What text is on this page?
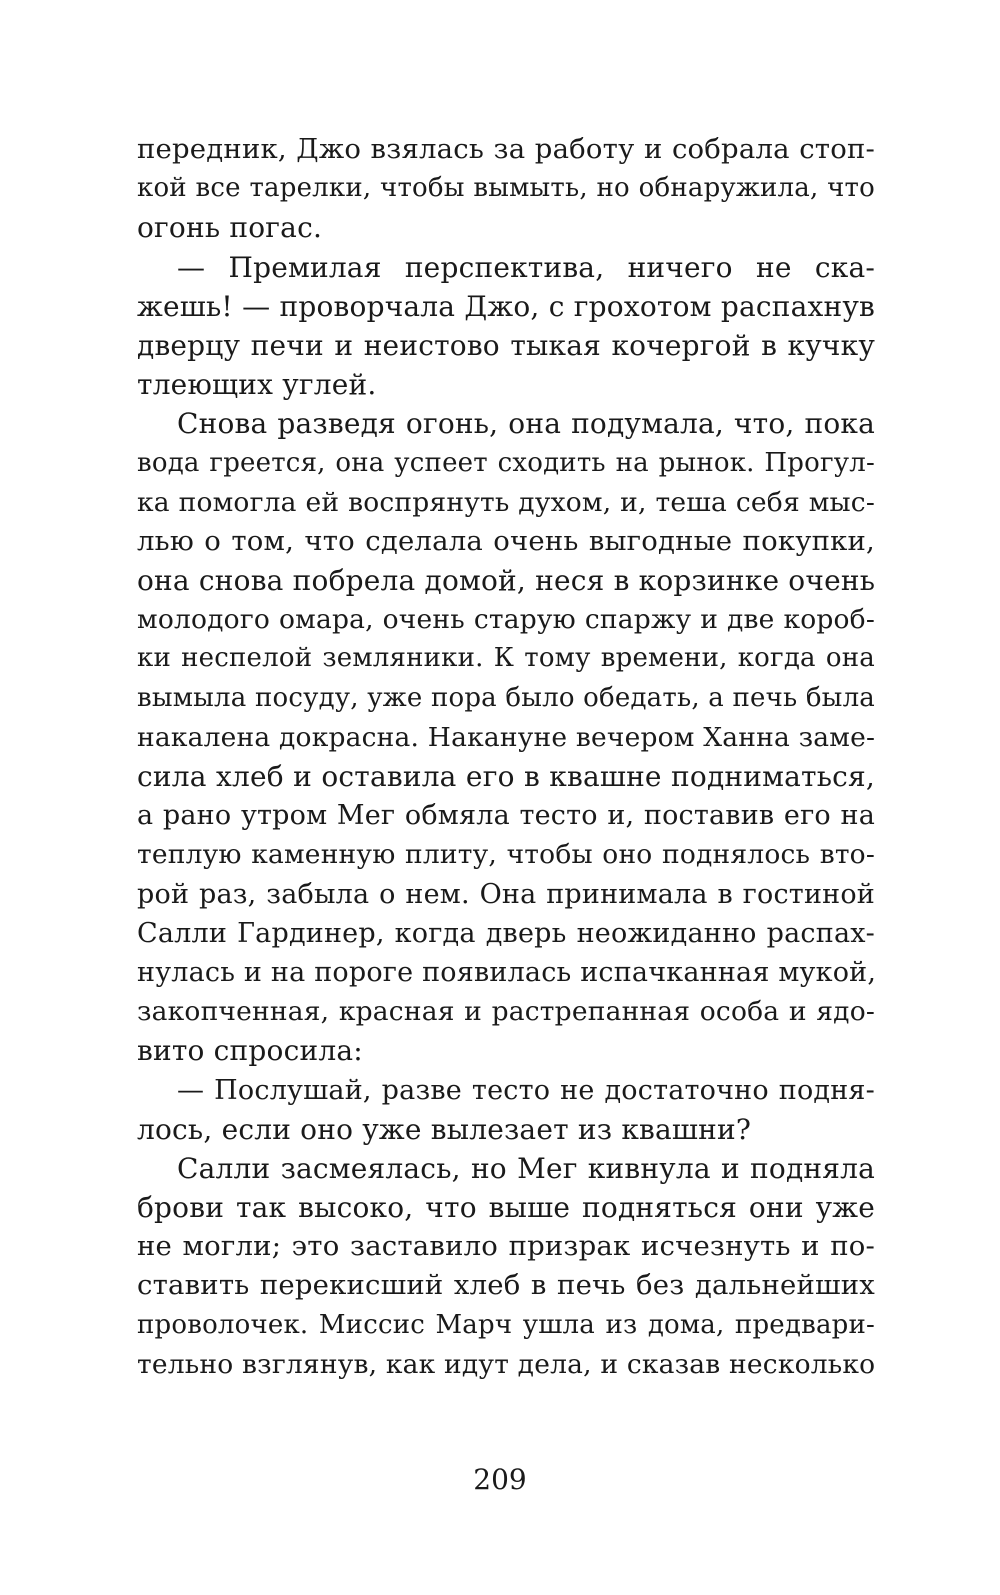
передник, Джо взялась за работу и собрала стоп-
кой все тарелки, чтобы вымыть, но обнаружила, что
огонь погас.
— Премилая перспектива, ничего не ска-
жешь! — проворчала Джо, с грохотом распахнув
дверцу печи и неистово тыкая кочергой в кучку
тлеющих углей.
Снова разведя огонь, она подумала, что, пока
вода греется, она успеет сходить на рынок. Прогул-
ка помогла ей воспрянуть духом, и, теша себя мыс-
лью о том, что сделала очень выгодные покупки,
она снова побрела домой, неся в корзинке очень
молодого омара, очень старую спаржу и две короб-
ки неспелой земляники. К тому времени, когда она
вымыла посуду, уже пора было обедать, а печь была
накалена докрасна. Накануне вечером Ханна заме-
сила хлеб и оставила его в квашне подниматься,
а рано утром Мег обмяла тесто и, поставив его на
теплую каменную плиту, чтобы оно поднялось вто-
рой раз, забыла о нем. Она принимала в гостиной
Салли Гардинер, когда дверь неожиданно распах-
нулась и на пороге появилась испачканная мукой,
закопченная, красная и растрепанная особа и ядо-
вито спросила:
— Послушай, разве тесто не достаточно подня-
лось, если оно уже вылезает из квашни?
Салли засмеялась, но Мег кивнула и подняла
брови так высоко, что выше подняться они уже
не могли; это заставило призрак исчезнуть и по-
ставить перекисший хлеб в печь без дальнейших
проволочек. Миссис Марч ушла из дома, предвари-
тельно взглянув, как идут дела, и сказав несколько
209
